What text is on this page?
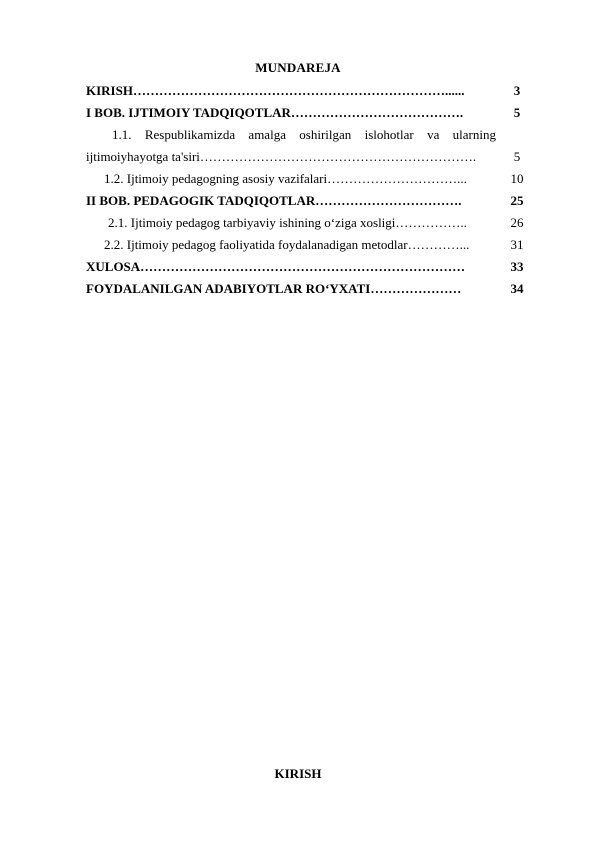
MUNDAREJA
KIRISH………………………………………………………………......	3
I BOB. IJTIMOIY TADQIQOTLAR………………………………….	5
1.1. Respublikamizda amalga oshirilgan islohotlar va ularning
ijtimoiyhayotga ta'siri……………………………………………………….	5
1.2. Ijtimoiy pedagogning asosiy vazifalari…………………………...	10
II BOB. PEDAGOGIK TADQIQOTLAR…………………………….	25
2.1. Ijtimoiy pedagog tarbiyaviy ishining o‘ziga xosligi……………..	26
2.2. Ijtimoiy pedagog faoliyatida foydalanadigan metodlar…………...	31
XULOSA…………………………………………………………………	33
FOYDALANILGAN ADABIYOTLAR RO‘YXATI…………………	34
KIRISH
